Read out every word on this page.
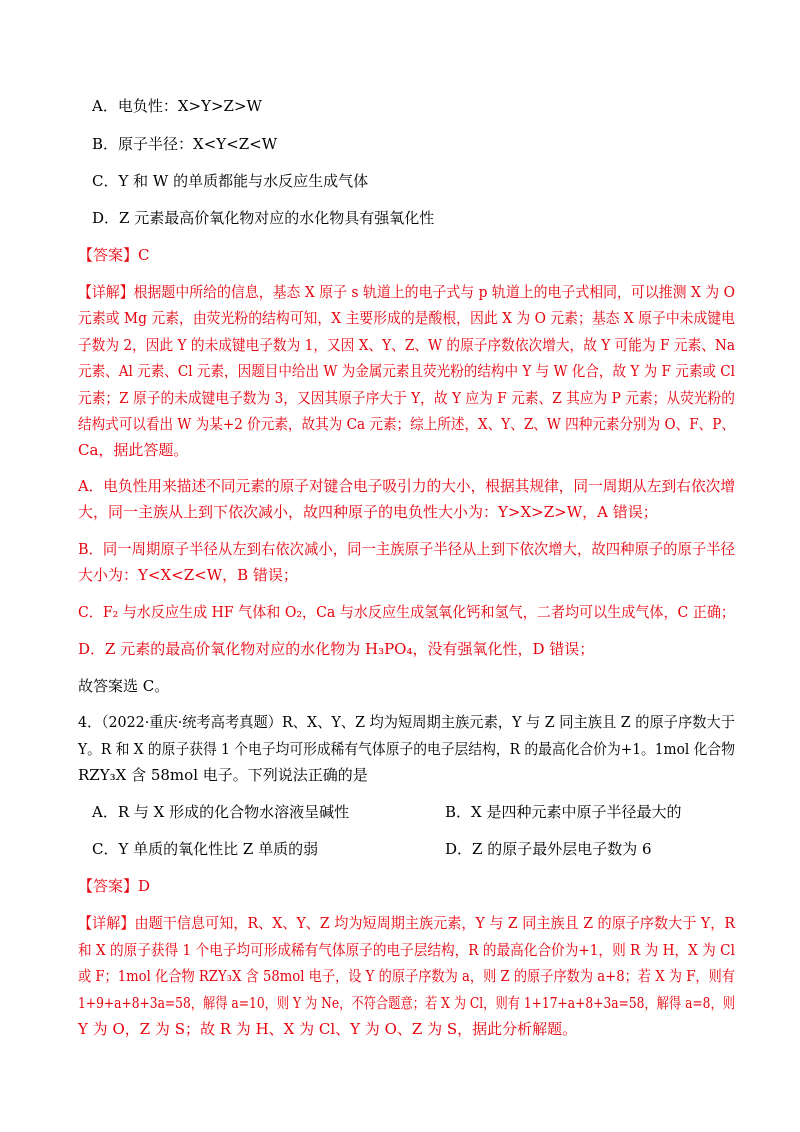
A．电负性：X>Y>Z>W
B．原子半径：X<Y<Z<W
C．Y 和 W 的单质都能与水反应生成气体
D．Z 元素最高价氧化物对应的水化物具有强氧化性
【答案】C
【详解】根据题中所给的信息，基态 X 原子 s 轨道上的电子式与 p 轨道上的电子式相同，可以推测 X 为 O
元素或 Mg 元素，由荧光粉的结构可知，X 主要形成的是酸根，因此 X 为 O 元素；基态 X 原子中未成键电
子数为 2，因此 Y 的未成键电子数为 1，又因 X、Y、Z、W 的原子序数依次增大，故 Y 可能为 F 元素、Na
元素、Al 元素、Cl 元素，因题目中给出 W 为金属元素且荧光粉的结构中 Y 与 W 化合，故 Y 为 F 元素或 Cl
元素；Z 原子的未成键电子数为 3，又因其原子序大于 Y，故 Y 应为 F 元素、Z 其应为 P 元素；从荧光粉的
结构式可以看出 W 为某+2 价元素，故其为 Ca 元素；综上所述，X、Y、Z、W 四种元素分别为 O、F、P、
Ca，据此答题。
A．电负性用来描述不同元素的原子对键合电子吸引力的大小，根据其规律，同一周期从左到右依次增
大，同一主族从上到下依次减小，故四种原子的电负性大小为：Y>X>Z>W，A 错误；
B．同一周期原子半径从左到右依次减小，同一主族原子半径从上到下依次增大，故四种原子的原子半径
大小为：Y<X<Z<W，B 错误；
C．F₂ 与水反应生成 HF 气体和 O₂，Ca 与水反应生成氢氧化钙和氢气，二者均可以生成气体，C 正确；
D．Z 元素的最高价氧化物对应的水化物为 H₃PO₄，没有强氧化性，D 错误；
故答案选 C。
4．（2022·重庆·统考高考真题）R、X、Y、Z 均为短周期主族元素，Y 与 Z 同主族且 Z 的原子序数大于
Y。R 和 X 的原子获得 1 个电子均可形成稀有气体原子的电子层结构，R 的最高化合价为+1。1mol 化合物
RZY₃X 含 58mol 电子。下列说法正确的是
A．R 与 X 形成的化合物水溶液呈碱性	B．X 是四种元素中原子半径最大的
C．Y 单质的氧化性比 Z 单质的弱	D．Z 的原子最外层电子数为 6
【答案】D
【详解】由题干信息可知，R、X、Y、Z 均为短周期主族元素，Y 与 Z 同主族且 Z 的原子序数大于 Y，R
和 X 的原子获得 1 个电子均可形成稀有气体原子的电子层结构，R 的最高化合价为+1，则 R 为 H，X 为 Cl
或 F；1mol 化合物 RZY₃X 含 58mol 电子，设 Y 的原子序数为 a，则 Z 的原子序数为 a+8；若 X 为 F，则有
1+9+a+8+3a=58，解得 a=10，则 Y 为 Ne，不符合题意；若 X 为 Cl，则有 1+17+a+8+3a=58，解得 a=8，则
Y 为 O，Z 为 S；故 R 为 H、X 为 Cl、Y 为 O、Z 为 S，据此分析解题。
